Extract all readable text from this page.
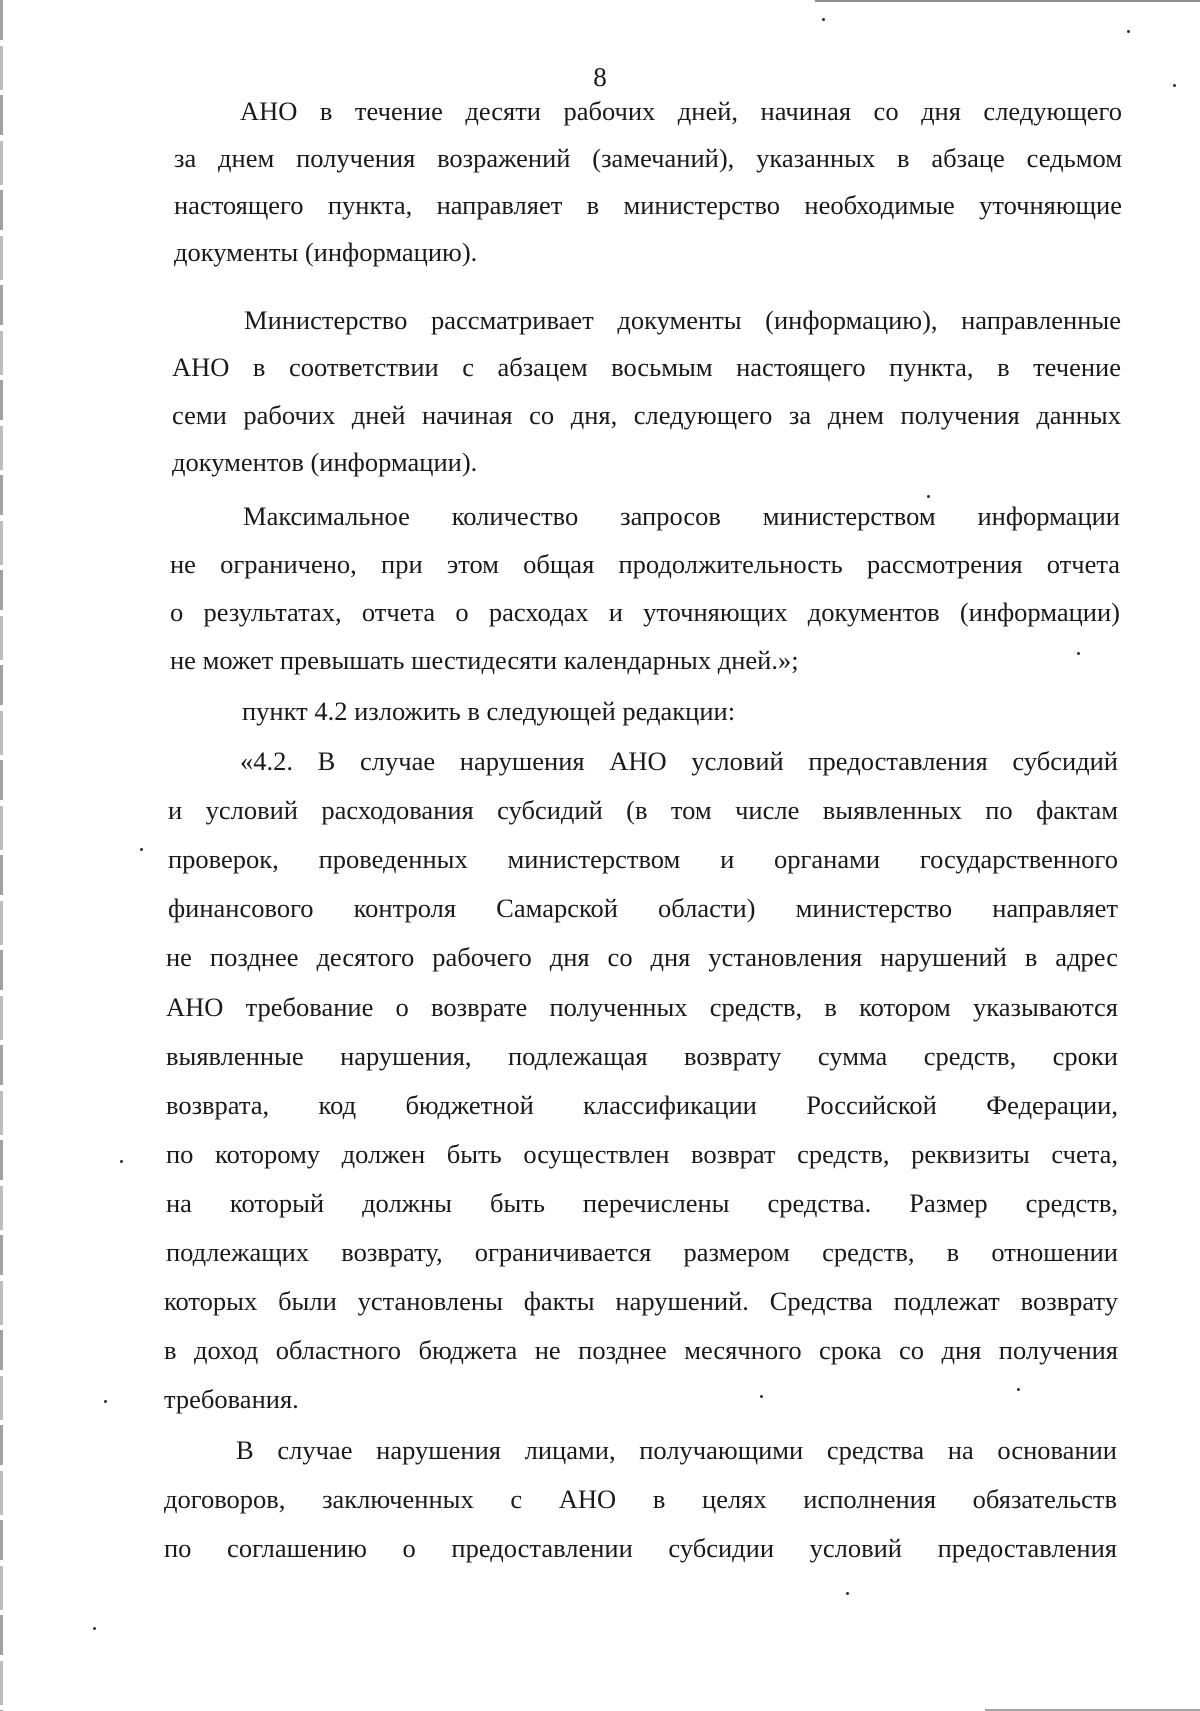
8
АНО в течение десяти рабочих дней, начиная со дня следующего
за днем получения возражений (замечаний), указанных в абзаце седьмом
настоящего пункта, направляет в министерство необходимые уточняющие
документы (информацию).
Министерство рассматривает документы (информацию), направленные
АНО в соответствии с абзацем восьмым настоящего пункта, в течение
семи рабочих дней начиная со дня, следующего за днем получения данных
документов (информации).
Максимальное количество запросов министерством информации
не ограничено, при этом общая продолжительность рассмотрения отчета
о результатах, отчета о расходах и уточняющих документов (информации)
не может превышать шестидесяти календарных дней.»;
пункт 4.2 изложить в следующей редакции:
«4.2. В случае нарушения АНО условий предоставления субсидий
и условий расходования субсидий (в том числе выявленных по фактам
проверок, проведенных министерством и органами государственного
финансового контроля Самарской области) министерство направляет
не позднее десятого рабочего дня со дня установления нарушений в адрес
АНО требование о возврате полученных средств, в котором указываются
выявленные нарушения, подлежащая возврату сумма средств, сроки
возврата, код бюджетной классификации Российской Федерации,
по которому должен быть осуществлен возврат средств, реквизиты счета,
на который должны быть перечислены средства. Размер средств,
подлежащих возврату, ограничивается размером средств, в отношении
которых были установлены факты нарушений. Средства подлежат возврату
в доход областного бюджета не позднее месячного срока со дня получения
требования.
В случае нарушения лицами, получающими средства на основании
договоров, заключенных с АНО в целях исполнения обязательств
по соглашению о предоставлении субсидии условий предоставления
